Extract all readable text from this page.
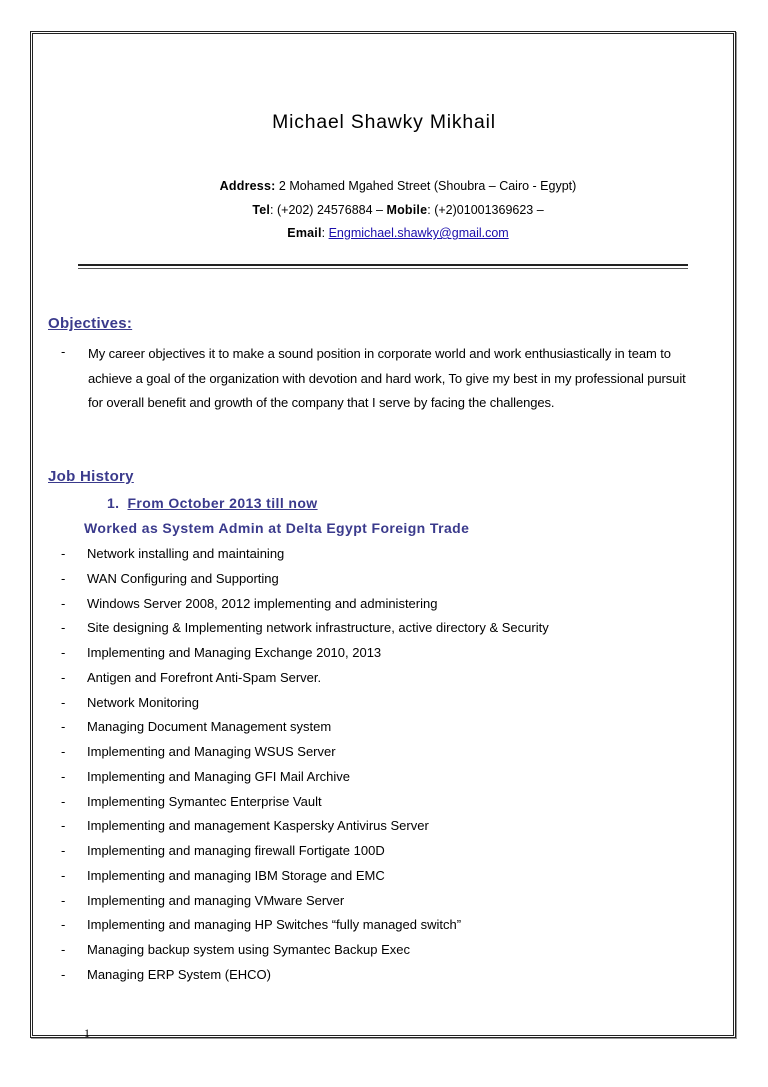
Michael Shawky Mikhail
Address: 2 Mohamed Mgahed Street (Shoubra – Cairo - Egypt)
Tel: (+202) 24576884 – Mobile: (+2)01001369623 –
Email: Engmichael.shawky@gmail.com
Objectives:
- My career objectives it to make a sound position in corporate world and work enthusiastically in team to achieve a goal of the organization with devotion and hard work, To give my best in my professional pursuit for overall benefit and growth of the company that I serve by facing the challenges.
Job History
1. From October 2013 till now
Worked as System Admin at Delta Egypt Foreign Trade
- Network installing and maintaining
- WAN Configuring and Supporting
- Windows Server 2008, 2012 implementing and administering
- Site designing & Implementing network infrastructure, active directory & Security
- Implementing and Managing Exchange 2010, 2013
- Antigen and Forefront Anti-Spam Server.
- Network Monitoring
- Managing Document Management system
- Implementing and Managing WSUS Server
- Implementing and Managing GFI Mail Archive
- Implementing Symantec Enterprise Vault
- Implementing and management Kaspersky Antivirus Server
- Implementing and managing firewall Fortigate 100D
- Implementing and managing IBM Storage and EMC
- Implementing and managing VMware Server
- Implementing and managing HP Switches “fully managed switch”
- Managing backup system using Symantec Backup Exec
- Managing ERP System (EHCO)
1
